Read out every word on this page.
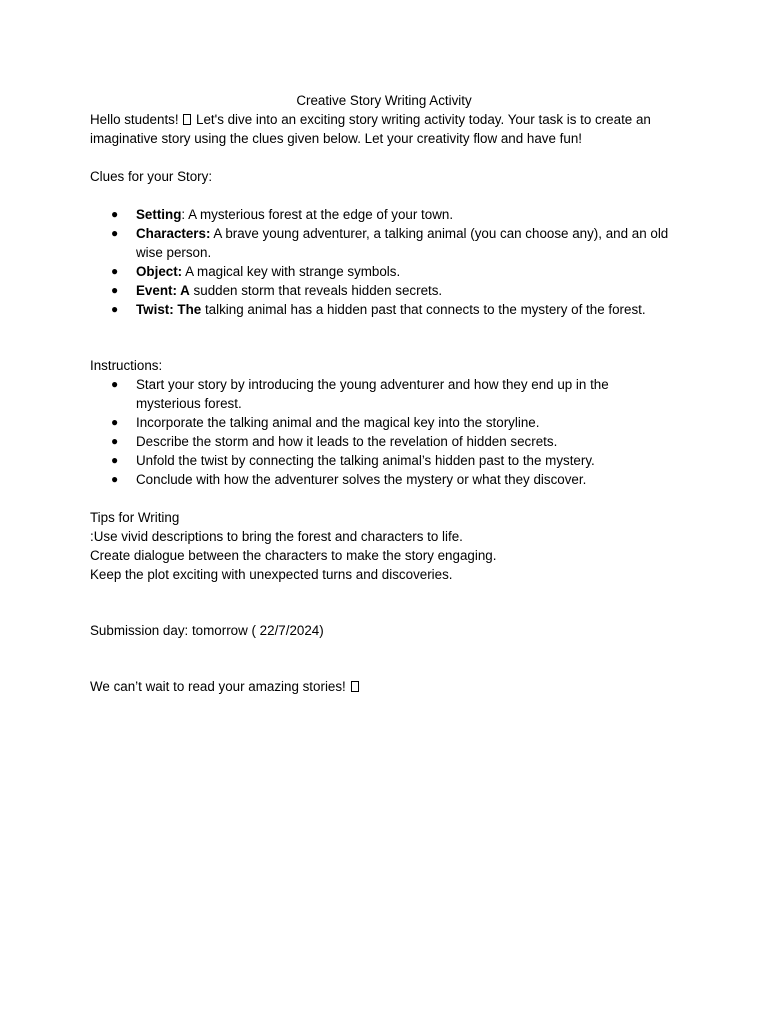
Creative Story Writing Activity

Hello students!  Let's dive into an exciting story writing activity today. Your task is to create an imaginative story using the clues given below. Let your creativity flow and have fun!

Clues for your Story:

● Setting: A mysterious forest at the edge of your town.
● Characters: A brave young adventurer, a talking animal (you can choose any), and an old wise person.
● Object: A magical key with strange symbols.
● Event: A sudden storm that reveals hidden secrets.
● Twist: The talking animal has a hidden past that connects to the mystery of the forest.

Instructions:

● Start your story by introducing the young adventurer and how they end up in the mysterious forest.
● Incorporate the talking animal and the magical key into the storyline.
● Describe the storm and how it leads to the revelation of hidden secrets.
● Unfold the twist by connecting the talking animal’s hidden past to the mystery.
● Conclude with how the adventurer solves the mystery or what they discover.

Tips for Writing

:Use vivid descriptions to bring the forest and characters to life.

Create dialogue between the characters to make the story engaging.

Keep the plot exciting with unexpected turns and discoveries.

Submission day: tomorrow ( 22/7/2024)

We can’t wait to read your amazing stories!
